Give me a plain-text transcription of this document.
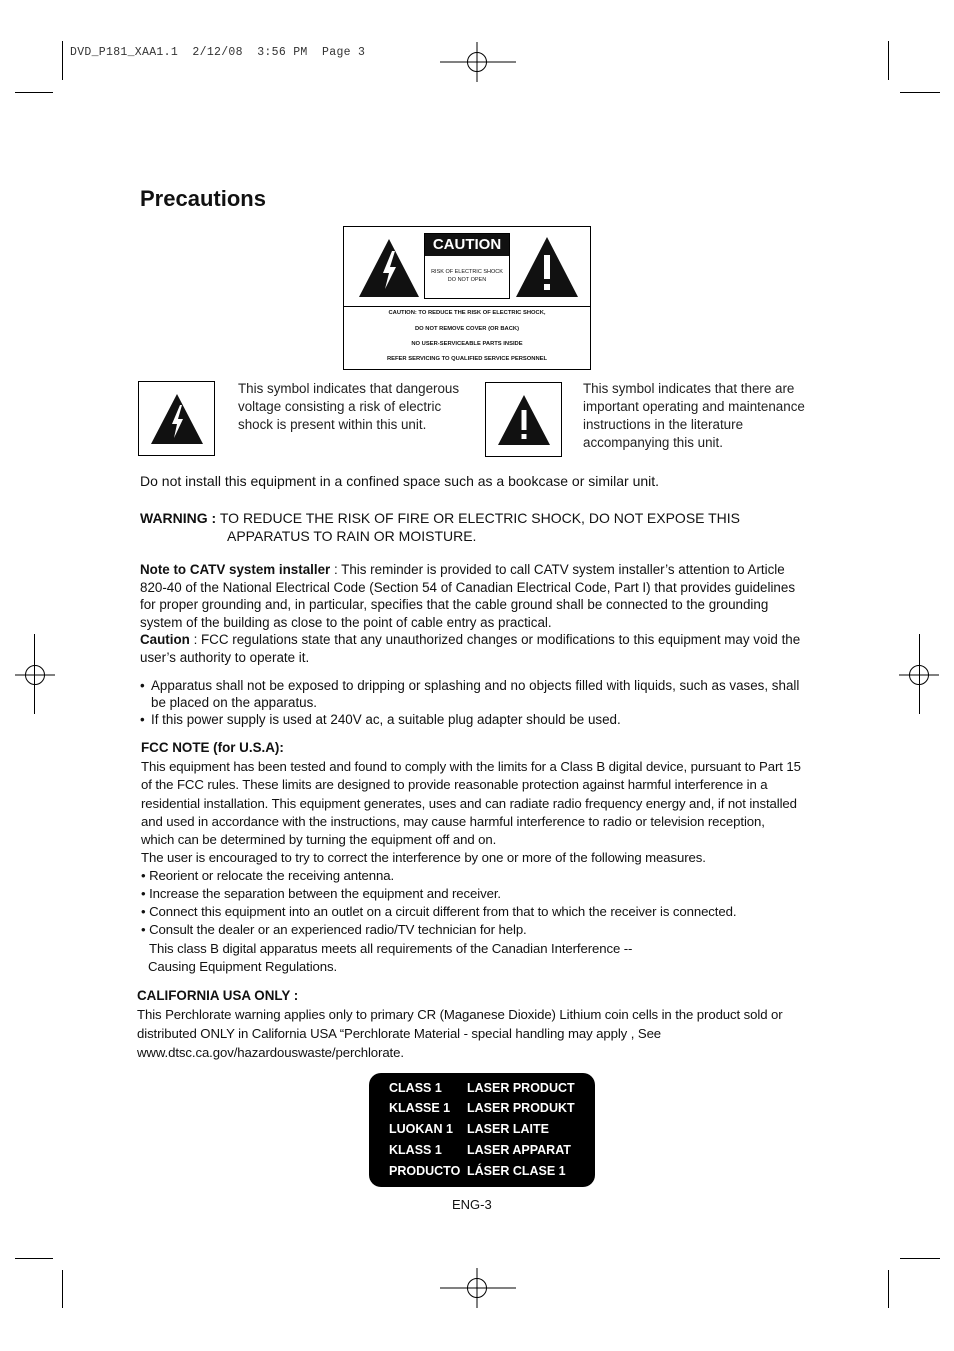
DVD_P181_XAA1.1  2/12/08  3:56 PM  Page 3
Precautions
CAUTION
RISK OF ELECTRIC SHOCK
DO NOT OPEN
CAUTION: TO REDUCE THE RISK OF ELECTRIC SHOCK,
DO NOT REMOVE COVER (OR BACK)
NO USER-SERVICEABLE PARTS INSIDE
REFER SERVICING TO QUALIFIED SERVICE PERSONNEL
This symbol indicates that dangerous voltage consisting a risk of electric shock is present within this unit.
This symbol indicates that there are important operating and maintenance instructions in the literature accompanying this unit.
Do not install this equipment in a confined space such as a bookcase or similar unit.
WARNING : TO REDUCE THE RISK OF FIRE OR ELECTRIC SHOCK, DO NOT EXPOSE THIS
APPARATUS TO RAIN OR MOISTURE.
Note to CATV system installer : This reminder is provided to call CATV system installer’s attention to Article 820-40 of the National Electrical Code (Section 54 of Canadian Electrical Code, Part I) that provides guidelines for proper grounding and, in particular, specifies that the cable ground shall be connected to the grounding system of the building as close to the point of cable entry as practical.
Caution : FCC regulations state that any unauthorized changes or modifications to this equipment may void the user’s authority to operate it.
• Apparatus shall not be exposed to dripping or splashing and no objects filled with liquids, such as vases, shall be placed on the apparatus.
• If this power supply is used at 240V ac, a suitable plug adapter should be used.
FCC NOTE (for U.S.A):
This equipment has been tested and found to comply with the limits for a Class B digital device, pursuant to Part 15 of the FCC rules. These limits are designed to provide reasonable protection against harmful interference in a residential installation. This equipment generates, uses and can radiate radio frequency energy and, if not installed and used in accordance with the instructions, may cause harmful interference to radio or television reception, which can be determined by turning the equipment off and on.
The user is encouraged to try to correct the interference by one or more of the following measures.
• Reorient or relocate the receiving antenna.
• Increase the separation between the equipment and receiver.
• Connect this equipment into an outlet on a circuit different from that to which the receiver is connected.
• Consult the dealer or an experienced radio/TV technician for help.
This class B digital apparatus meets all requirements of the Canadian Interference --
Causing Equipment Regulations.
CALIFORNIA USA ONLY :
This Perchlorate warning applies only to primary CR (Maganese Dioxide) Lithium coin cells in the product sold or distributed ONLY in California USA “Perchlorate Material - special handling may apply , See www.dtsc.ca.gov/hazardouswaste/perchlorate.
CLASS 1 LASER PRODUCT
KLASSE 1 LASER PRODUKT
LUOKAN 1 LASER LAITE
KLASS 1 LASER APPARAT
PRODUCTO LÁSER CLASE 1
ENG-3
